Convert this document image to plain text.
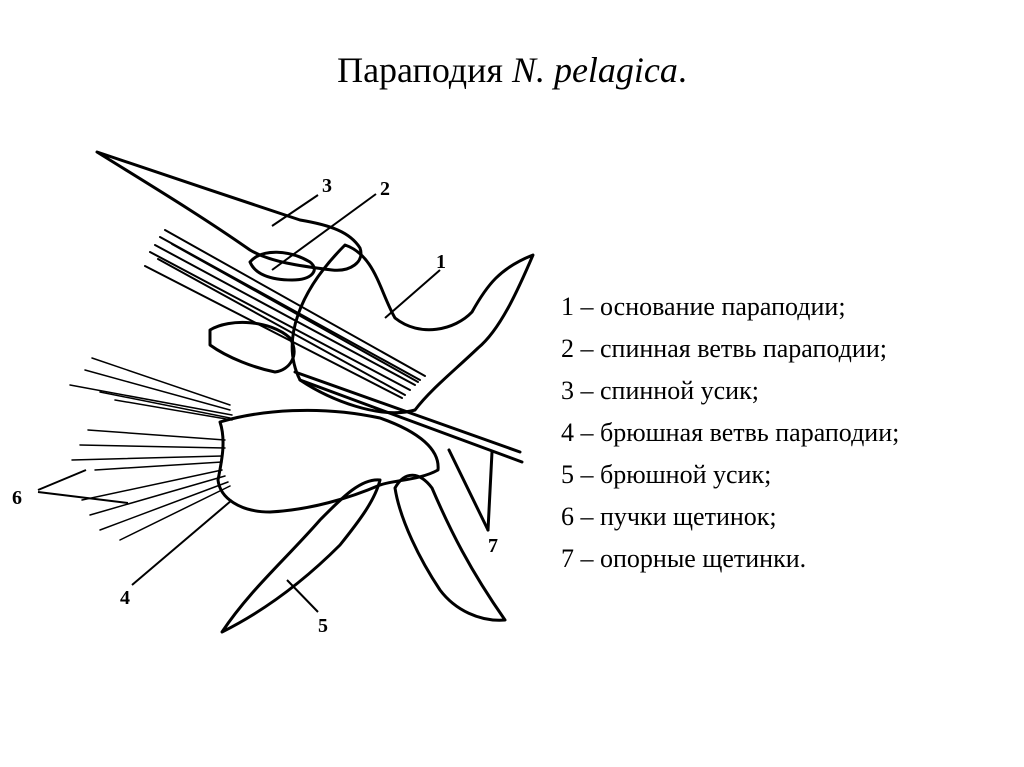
Параподия N. pelagica.
3 2
1
6
7
4
5
1 – основание параподии;
2 – спинная ветвь параподии;
3 – спинной усик;
4 – брюшная ветвь параподии;
5 – брюшной усик;
6 – пучки щетинок;
7 – опорные щетинки.
